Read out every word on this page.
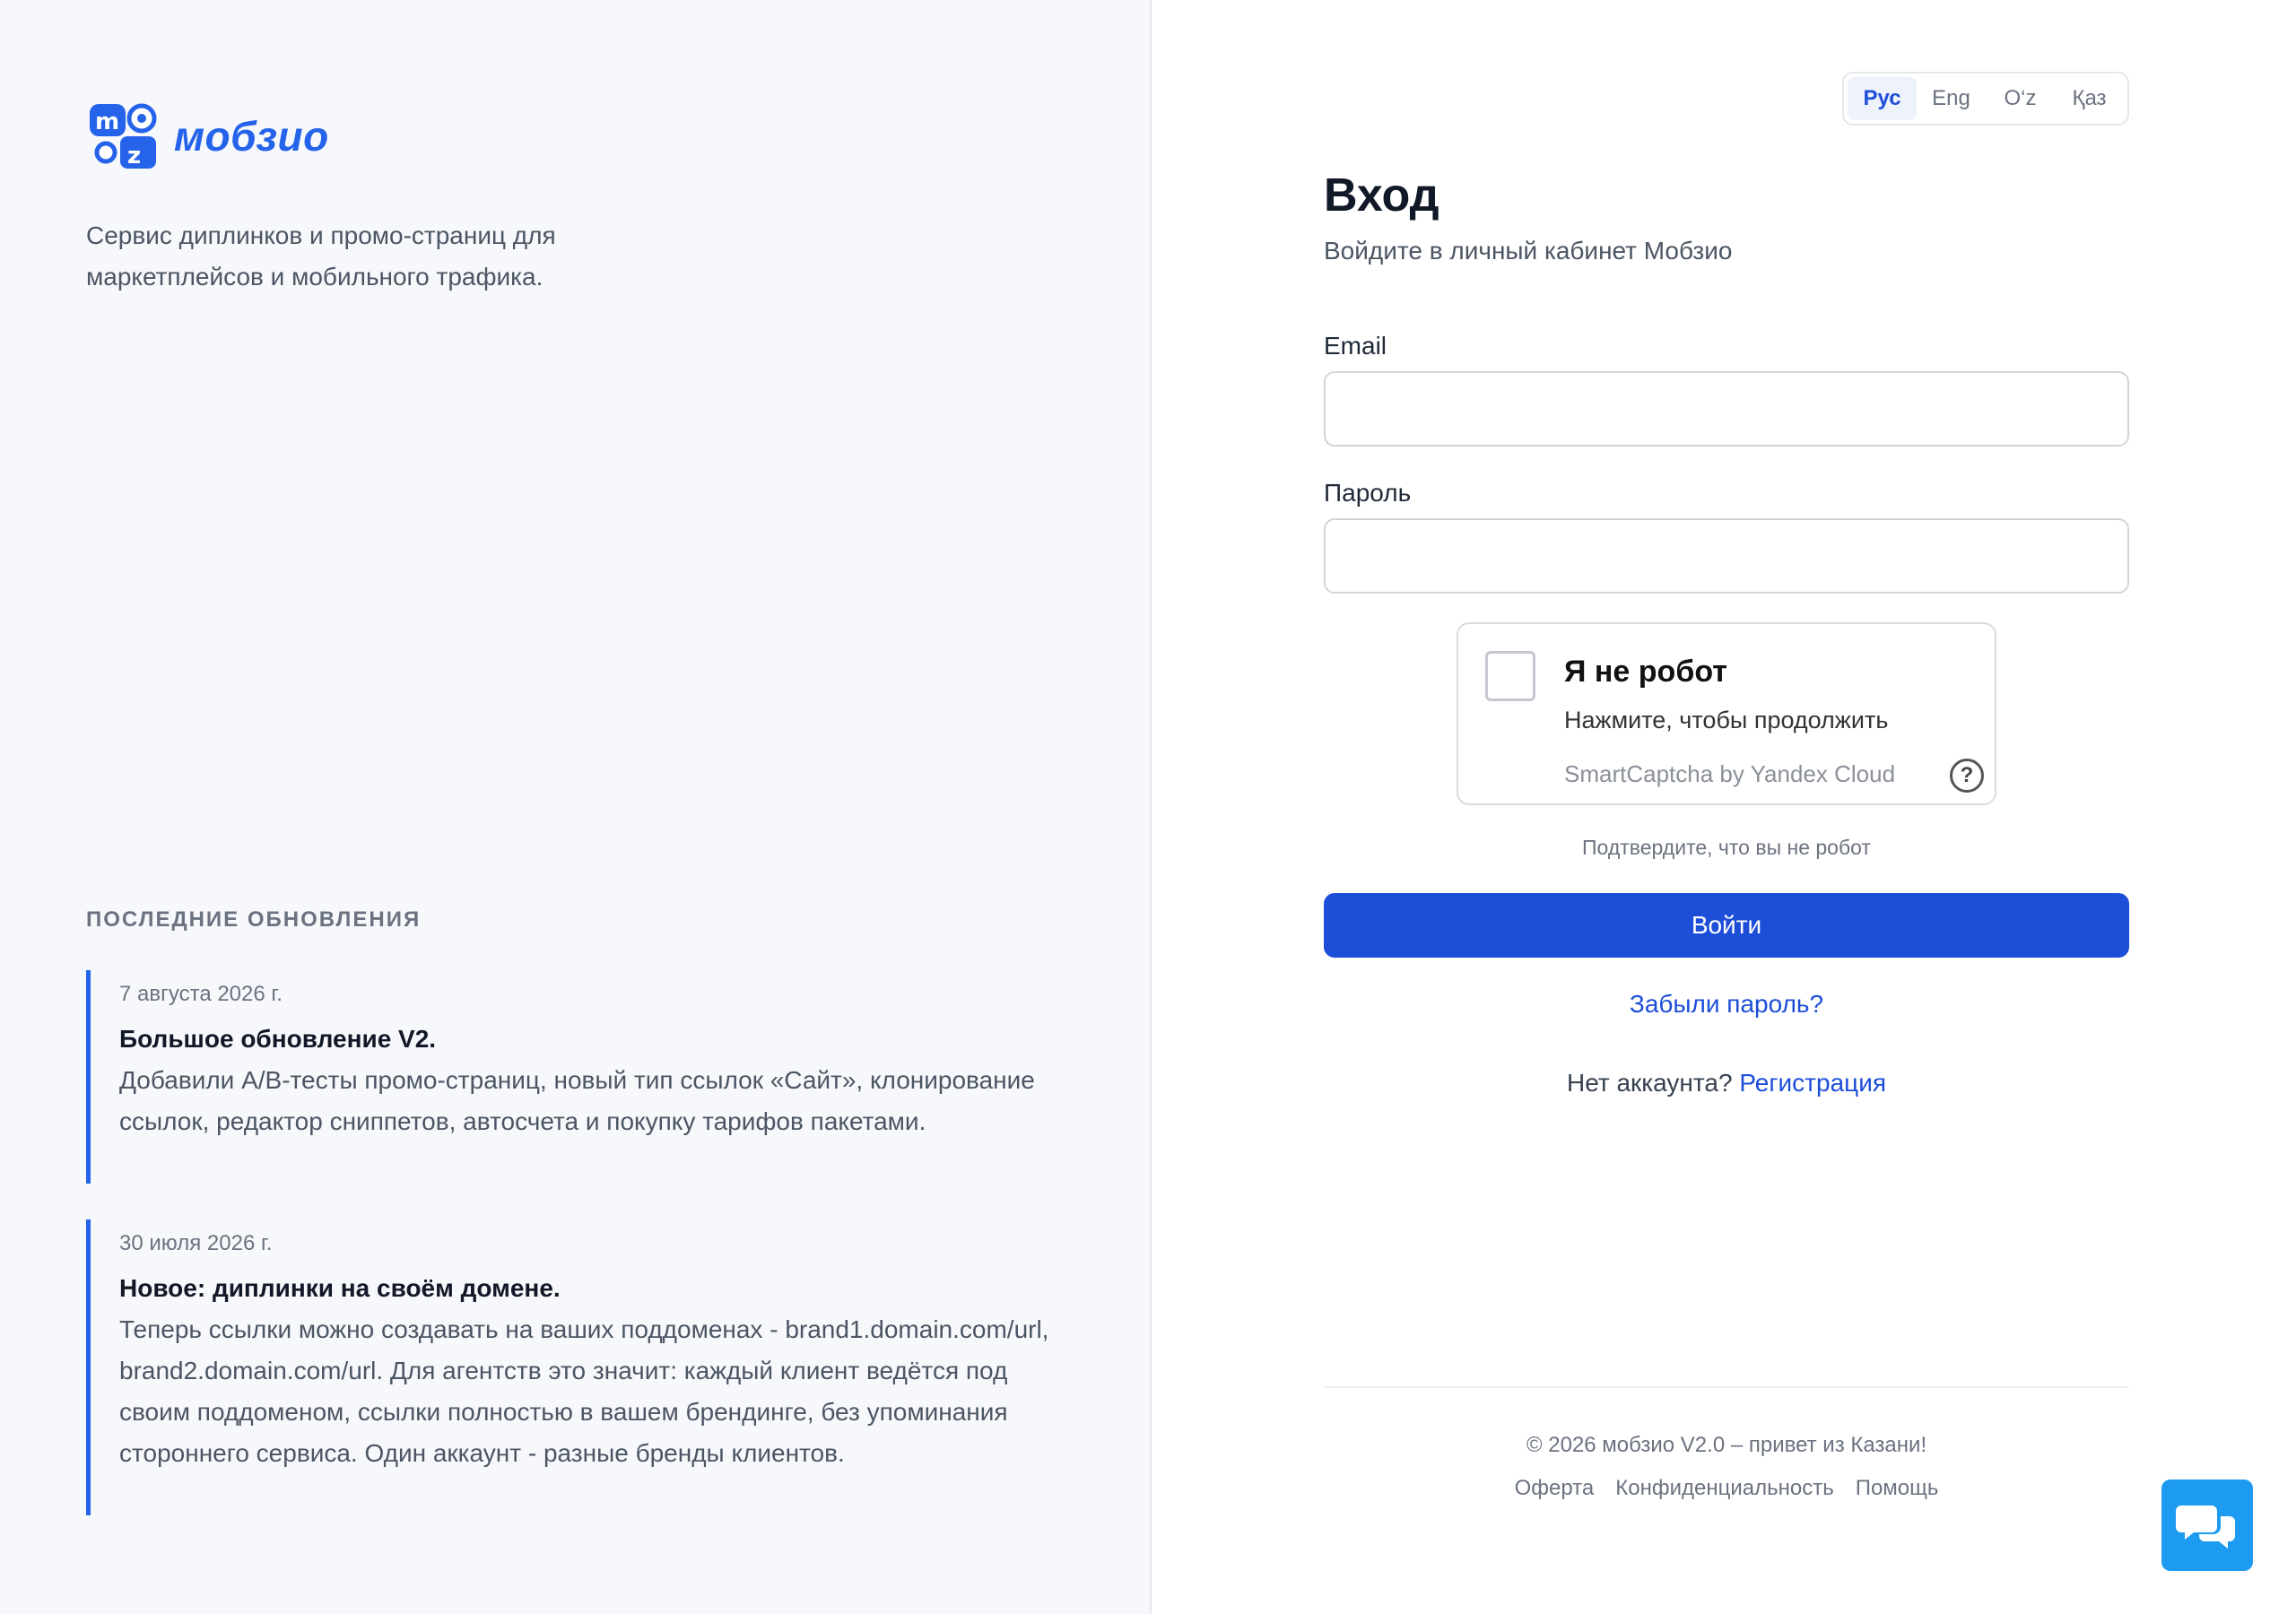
m
z мобзио

Сервис диплинков и промо-страниц для маркетплейсов и мобильного трафика.

ПОСЛЕДНИЕ ОБНОВЛЕНИЯ
7 августа 2026 г.
Большое обновление V2.
Добавили A/B-тесты промо-страниц, новый тип ссылок «Сайт», клонирование ссылок, редактор сниппетов, автосчета и покупку тарифов пакетами.
30 июля 2026 г.
Новое: диплинки на своём домене.
Теперь ссылки можно создавать на ваших поддоменах - brand1.domain.com/url, brand2.domain.com/url. Для агентств это значит: каждый клиент ведётся под своим поддоменом, ссылки полностью в вашем брендинге, без упоминания стороннего сервиса. Один аккаунт - разные бренды клиентов.
Рус	Eng	O‘z	Қаз
Вход
Войдите в личный кабинет Мобзио
Email
Пароль
Я не робот
Нажмите, чтобы продолжить
SmartCaptcha by Yandex Cloud	?
Подтвердите, что вы не робот
Войти
Забыли пароль?
Нет аккаунта? Регистрация
© 2026 мобзио V2.0 – привет из Казани!
Оферта Конфиденциальность Помощь
